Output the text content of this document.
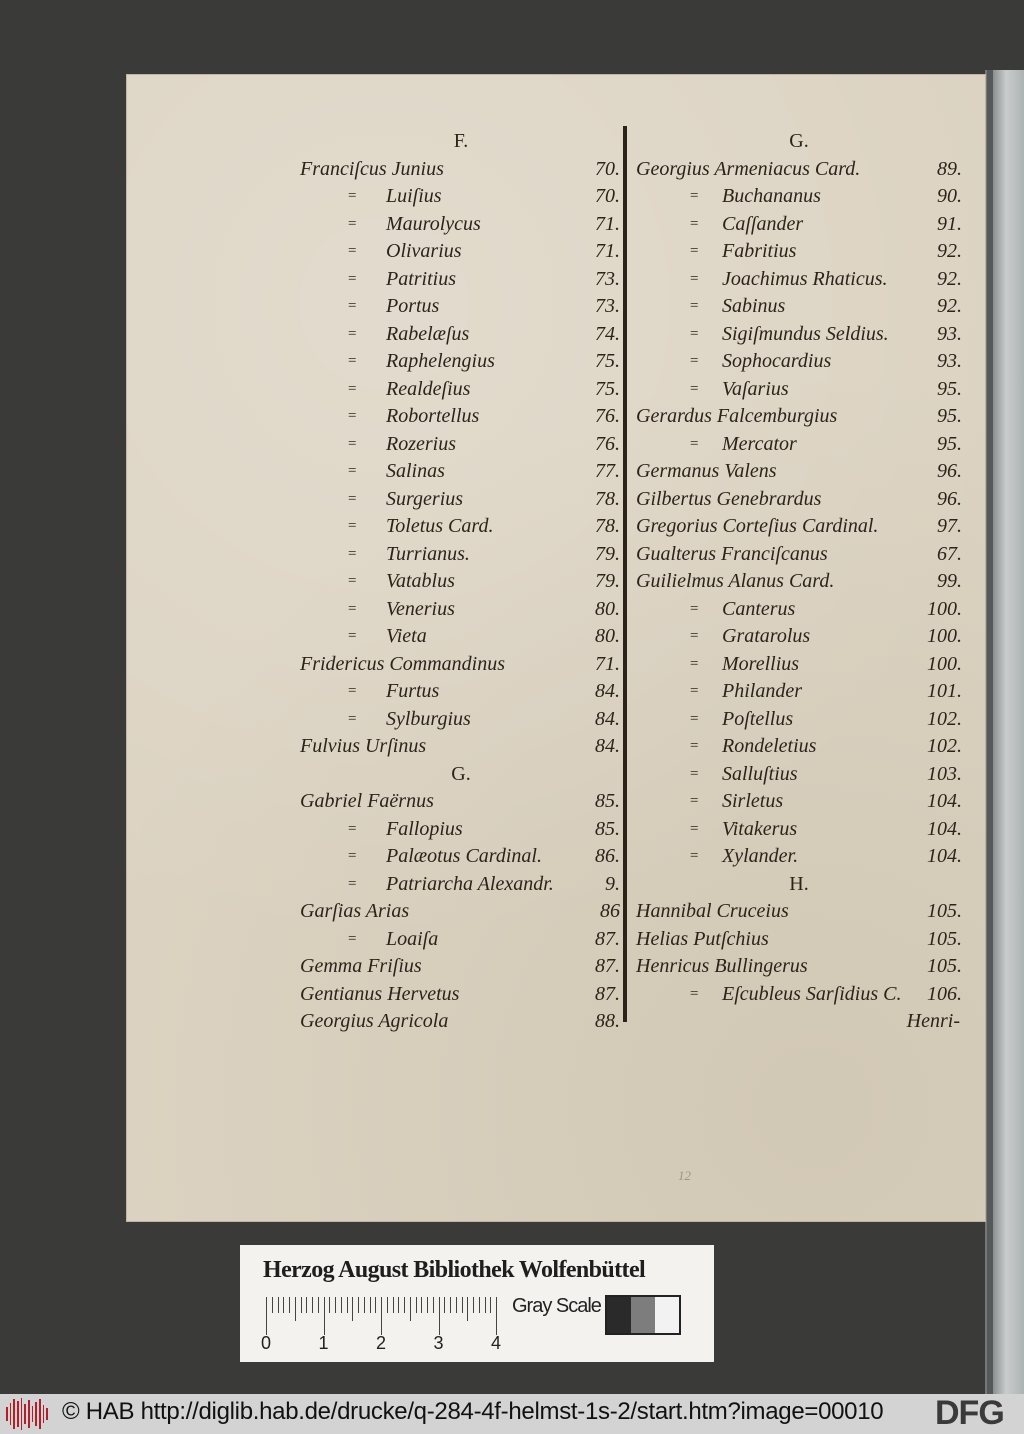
F.
Franciſcus Junius	70.
= Luiſius	70.
= Maurolycus	71.
= Olivarius	71.
= Patritius	73.
= Portus	73.
= Rabelæſus	74.
= Raphelengius	75.
= Realdeſius	75.
= Robortellus	76.
= Rozerius	76.
= Salinas	77.
= Surgerius	78.
= Toletus Card.	78.
= Turrianus.	79.
= Vatablus	79.
= Venerius	80.
= Vieta	80.
Fridericus Commandinus	71.
= Furtus	84.
= Sylburgius	84.
Fulvius Urſinus	84.
G.
Gabriel Faërnus	85.
= Fallopius	85.
= Palæotus Cardinal.	86.
= Patriarcha Alexandr.	9.
Garſias Arias	86
= Loaiſa	87.
Gemma Friſius	87.
Gentianus Hervetus	87.
Georgius Agricola	88.
G.
Georgius Armeniacus Card.	89.
= Buchananus	90.
= Caſſander	91.
= Fabritius	92.
= Joachimus Rhaticus. 92.
= Sabinus	92.
= Sigiſmundus Seldius. 93.
= Sophocardius	93.
= Vaſarius	95.
Gerardus Falcemburgius	95.
= Mercator	95.
Germanus Valens	96.
Gilbertus Genebrardus	96.
Gregorius Corteſius Cardinal.	97.
Gualterus Franciſcanus	67.
Guilielmus Alanus Card.	99.
= Canterus	100.
= Gratarolus	100.
= Morellius	100.
= Philander	101.
= Poſtellus	102.
= Rondeletius	102.
= Salluſtius	103.
= Sirletus	104.
= Vitakerus	104.
= Xylander.	104.
H.
Hannibal Cruceius	105.
Helias Putſchius	105.
Henricus Bullingerus	105.
= Eſcubleus Sarſidius C. 106.
Henri-
12
Herzog August Bibliothek Wolfenbüttel
Gray Scale
0	1	2	3	4
© HAB http://diglib.hab.de/drucke/q-284-4f-helmst-1s-2/start.htm?image=00010 DFG
